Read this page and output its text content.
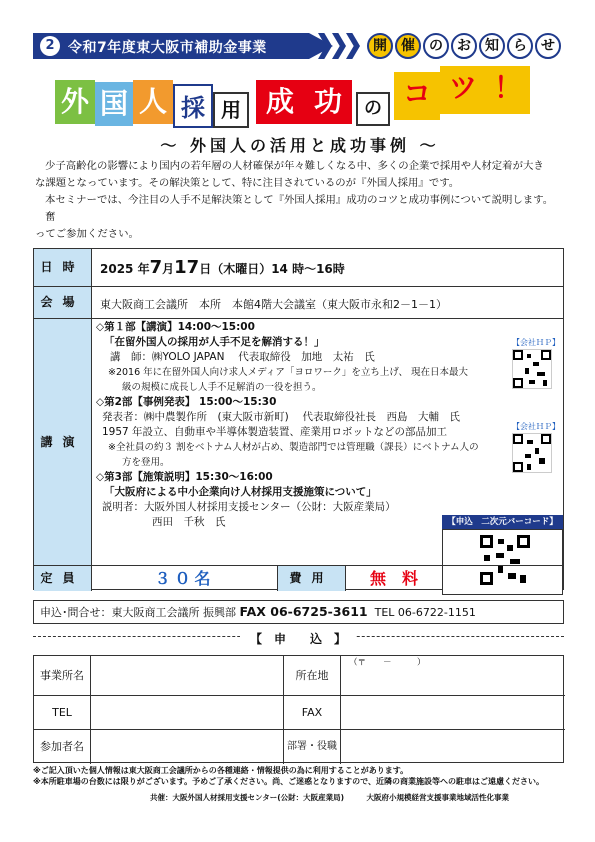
2 令和7年度東大阪市補助金事業	開	催	の	お	知	ら	せ
外 国 人 採 用 成 功	の コ ツ ！
～ 外国人の活用と成功事例 ～
少子高齢化の影響により国内の若年層の人材確保が年々難しくなる中、多くの企業で採用や人材定着が大き
な課題となっています。その解決策として、特に注目されているのが『外国人採用』です。
本セミナーでは、今注目の人手不足解決策として『外国人採用』成功のコツと成功事例について説明します。 奮
ってご参加ください。
日時	2025 年7月17日（木曜日）14 時～16時
会場	東大阪商工会議所　本所　本館4階大会議室（東大阪市永和2－1－1）
講演
◇第１部【講演】14:00～15:00
「在留外国人の採用が人手不足を解消する！」
講　師：㈱YOLO JAPAN　 代表取締役　加地　太祐　氏
※2016 年に在留外国人向け求人メディア「ヨロワーク」を立ち上げ、 現在日本最大
級の規模に成長し人手不足解消の一役を担う。
◇第2部【事例発表】 15:00～15:30
発表者：㈱中農製作所　(東大阪市新町)　 代表取締役社長　西島　大輔　氏
1957 年設立、自動車や半導体製造装置、産業用ロボットなどの部品加工
※全社員の約３ 割をベトナム人材が占め、製造部門では管理職（課長）にベトナム人の
方を登用。
◇第3部【施策説明】15:30～16:00
「大阪府による中小企業向け人材採用支援施策について」
説明者：大阪外国人材採用支援センター（公財：大阪産業局）
西田　千秋　氏
【会社ＨＰ】
【会社ＨＰ】
【申込　二次元バーコード】
定員	３０名	費用	無　料
申込･問合せ：東大阪商工会議所 振興部 FAX 06-6725-3611 TEL 06-6722-1151
【　申　　込　】
事業所名	所在地
（〒　　－　　　）
TEL	FAX
参加者名	部署・役職
※ご記入頂いた個人情報は東大阪商工会議所からの各種連絡・情報提供の為に利用することがあります。
※本所駐車場の台数には限りがございます。予めご了承ください。尚、ご迷惑となりますので、近隣の商業施設等への駐車はご遠慮ください。
共催：大阪外国人材採用支援センター(公財：大阪産業局)　　　大阪府小規模経営支援事業地域活性化事業
